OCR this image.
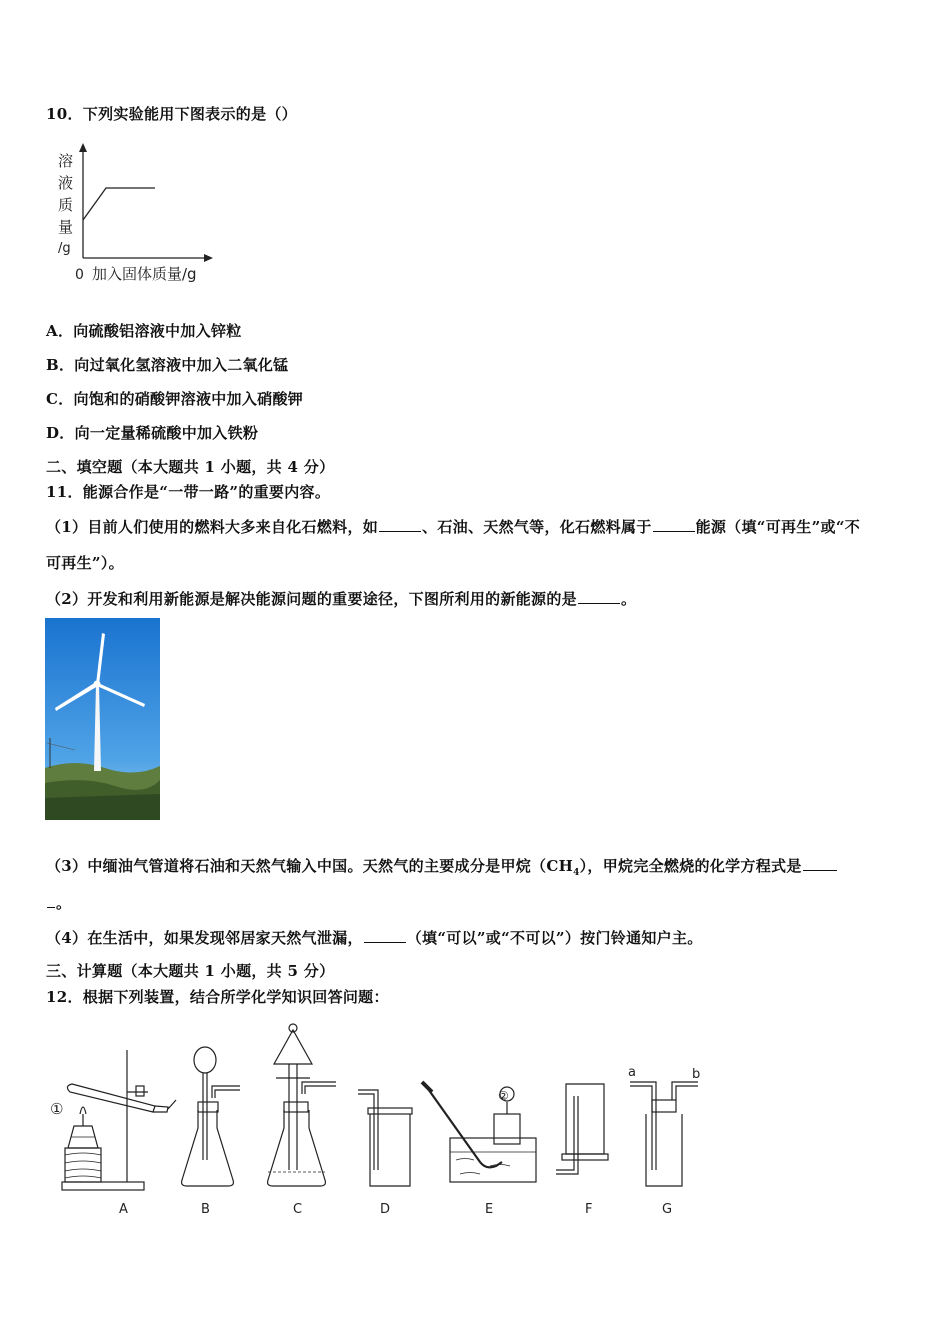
10．下列实验能用下图表示的是（）
溶
液
质
量
/g
0 加入固体质量/g
A．向硫酸铝溶液中加入锌粒
B．向过氧化氢溶液中加入二氧化锰
C．向饱和的硝酸钾溶液中加入硝酸钾
D．向一定量稀硫酸中加入铁粉
二、填空题（本大题共 1 小题，共 4 分）
11．能源合作是“一带一路”的重要内容。
（1）目前人们使用的燃料大多来自化石燃料，如	、石油、天然气等，化石燃料属于	能源（填“可再生”或“不
可再生”）。
（2）开发和利用新能源是解决能源问题的重要途径，下图所利用的新能源的是	。
（3）中缅油气管道将石油和天然气输入中国。天然气的主要成分是甲烷$(CH_4)$，甲烷完全燃烧的化学方程式是
。
（4）在生活中，如果发现邻居家天然气泄漏，	（填“可以”或“不可以”）按门铃通知户主。
三、计算题（本大题共 1 小题，共 5 分）
12．根据下列装置，结合所学化学知识回答问题：
①
A	B	C	D
②
E	F
a	b
G
